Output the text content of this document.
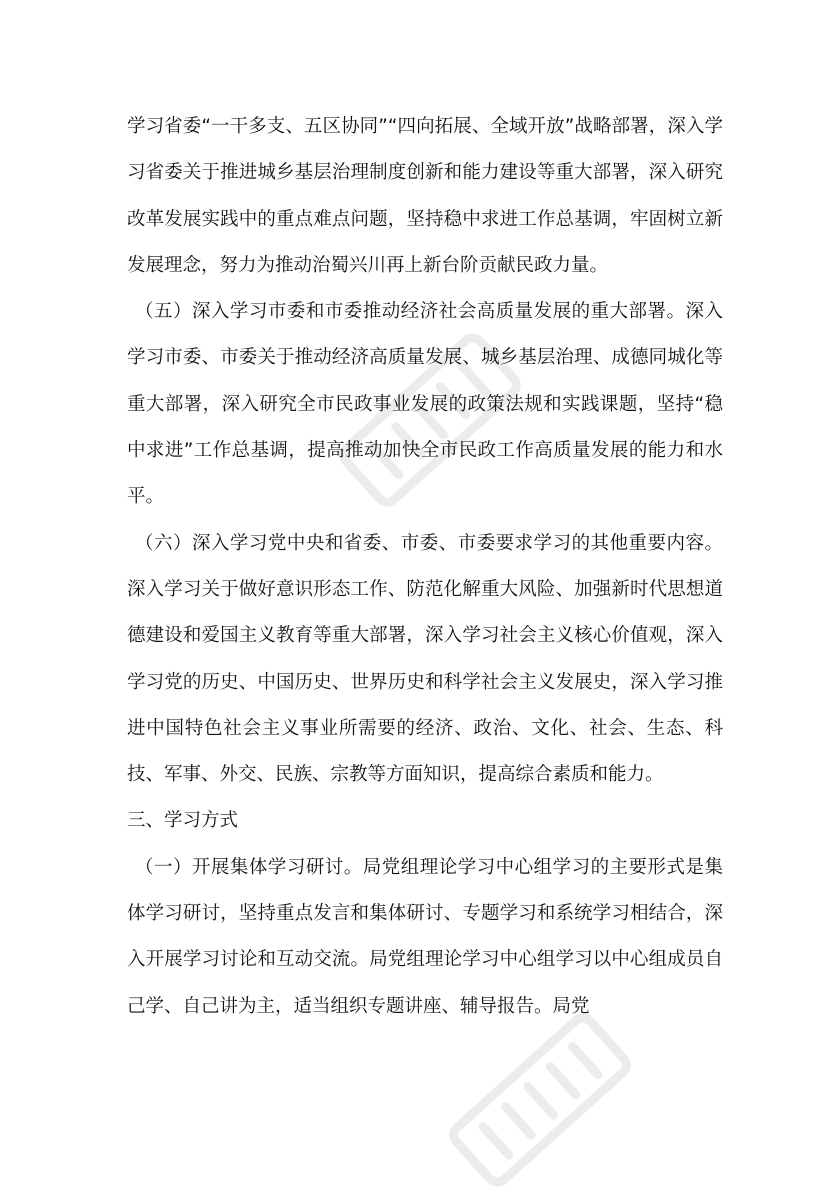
学习省委“一干多支、五区协同”“四向拓展、全域开放”战略部署，深入学习省委关于推进城乡基层治理制度创新和能力建设等重大部署，深入研究改革发展实践中的重点难点问题，坚持稳中求进工作总基调，牢固树立新发展理念，努力为推动治蜀兴川再上新台阶贡献民政力量。

（五）深入学习市委和市委推动经济社会高质量发展的重大部署。深入学习市委、市委关于推动经济高质量发展、城乡基层治理、成德同城化等重大部署，深入研究全市民政事业发展的政策法规和实践课题，坚持“稳中求进”工作总基调，提高推动加快全市民政工作高质量发展的能力和水平。

（六）深入学习党中央和省委、市委、市委要求学习的其他重要内容。深入学习关于做好意识形态工作、防范化解重大风险、加强新时代思想道德建设和爱国主义教育等重大部署，深入学习社会主义核心价值观，深入学习党的历史、中国历史、世界历史和科学社会主义发展史，深入学习推进中国特色社会主义事业所需要的经济、政治、文化、社会、生态、科技、军事、外交、民族、宗教等方面知识，提高综合素质和能力。

三、学习方式

（一）开展集体学习研讨。局党组理论学习中心组学习的主要形式是集体学习研讨，坚持重点发言和集体研讨、专题学习和系统学习相结合，深入开展学习讨论和互动交流。局党组理论学习中心组学习以中心组成员自己学、自己讲为主，适当组织专题讲座、辅导报告。局党
